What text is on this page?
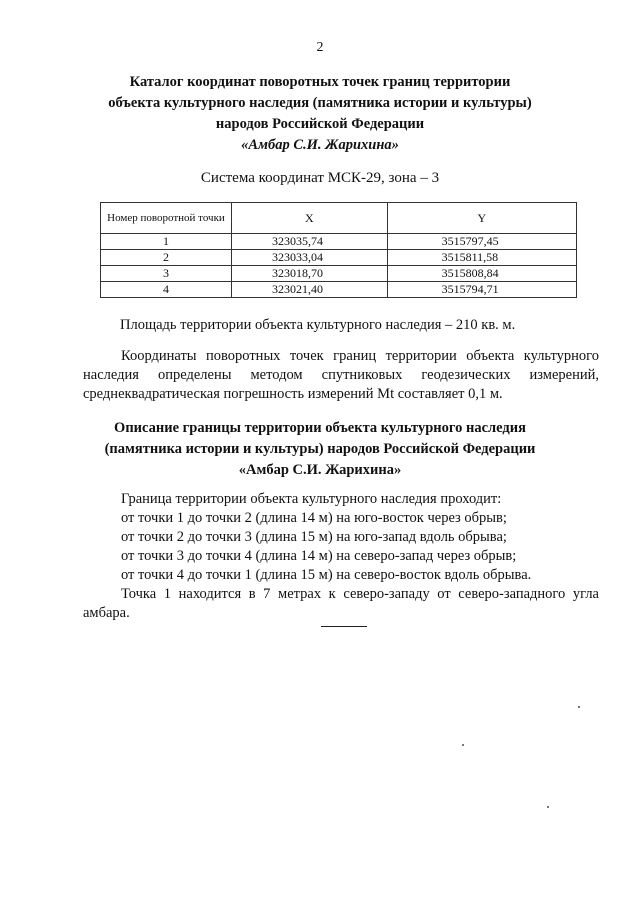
2
Каталог координат поворотных точек границ территории
объекта культурного наследия (памятника истории и культуры)
народов Российской Федерации
«Амбар С.И. Жарихина»
Система координат МСК-29, зона – 3
Номер поворотной точки	X	Y
1	323035,74	3515797,45
2	323033,04	3515811,58
3	323018,70	3515808,84
4	323021,40	3515794,71
Площадь территории объекта культурного наследия – 210 кв. м.
Координаты поворотных точек границ территории объекта культурного наследия определены методом спутниковых геодезических измерений, среднеквадратическая погрешность измерений Mt составляет 0,1 м.
Описание границы территории объекта культурного наследия
(памятника истории и культуры) народов Российской Федерации
«Амбар С.И. Жарихина»
Граница территории объекта культурного наследия проходит:
от точки 1 до точки 2 (длина 14 м) на юго-восток через обрыв;
от точки 2 до точки 3 (длина 15 м) на юго-запад вдоль обрыва;
от точки 3 до точки 4 (длина 14 м) на северо-запад через обрыв;
от точки 4 до точки 1 (длина 15 м) на северо-восток вдоль обрыва.
Точка 1 находится в 7 метрах к северо-западу от северо-западного угла амбара.
